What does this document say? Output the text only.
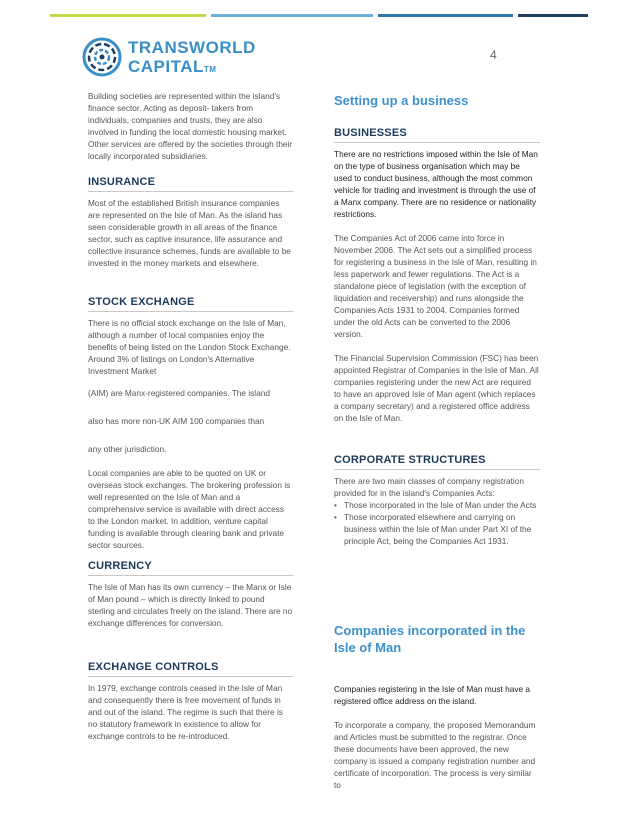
TRANSWORLD
CAPITALTM
4

Building societies are represented within the island's finance sector. Acting as deposit- takers from individuals, companies and trusts, they are also involved in funding the local domestic housing market. Other services are offered by the societies through their locally incorporated subsidiaries.

INSURANCE

Most of the established British insurance companies are represented on the Isle of Man. As the island has seen considerable growth in all areas of the finance sector, such as captive insurance, life assurance and collective insurance schemes, funds are available to be invested in the money markets and elsewhere.

STOCK EXCHANGE

There is no official stock exchange on the Isle of Man, although a number of local companies enjoy the benefits of being listed on the London Stock Exchange. Around 3% of listings on London's Alternative Investment Market

(AIM) are Manx-registered companies. The island

also has more non-UK AIM 100 companies than

any other jurisdiction.

Local companies are able to be quoted on UK or overseas stock exchanges. The brokering profession is well represented on the Isle of Man and a comprehensive service is available with direct access to the London market. In addition, venture capital funding is available through clearing bank and private sector sources.

CURRENCY

The Isle of Man has its own currency – the Manx or Isle of Man pound – which is directly linked to pound sterling and circulates freely on the island. There are no exchange differences for conversion.

EXCHANGE CONTROLS

In 1979, exchange controls ceased in the Isle of Man and consequently there is free movement of funds in and out of the island. The regime is such that there is no statutory framework in existence to allow for exchange controls to be re-introduced.

Setting up a business
BUSINESSES

There are no restrictions imposed within the Isle of Man on the type of business organisation which may be used to conduct business, although the most common vehicle for trading and investment is through the use of a Manx company. There are no residence or nationality restrictions.

The Companies Act of 2006 came into force in November 2006. The Act sets out a simplified process for registering a business in the Isle of Man, resulting in less paperwork and fewer regulations. The Act is a standalone piece of legislation (with the exception of liquidation and receivership) and runs alongside the Companies Acts 1931 to 2004. Companies formed under the old Acts can be converted to the 2006 version.

The Financial Supervision Commission (FSC) has been appointed Registrar of Companies in the Isle of Man. All companies registering under the new Act are required to have an approved Isle of Man agent (which replaces a company secretary) and a registered office address on the Isle of Man.

CORPORATE STRUCTURES

There are two main classes of company registration provided for in the island's Companies Acts:

• Those incorporated in the Isle of Man under the Acts

• Those incorporated elsewhere and carrying on business within the Isle of Man under Part XI of the principle Act, being the Companies Act 1931.

Companies incorporated in the Isle of Man

Companies registering in the Isle of Man must have a registered office address on the island.

To incorporate a company, the proposed Memorandum and Articles must be submitted to the registrar. Once these documents have been approved, the new company is issued a company registration number and certificate of incorporation. The process is very similar to
